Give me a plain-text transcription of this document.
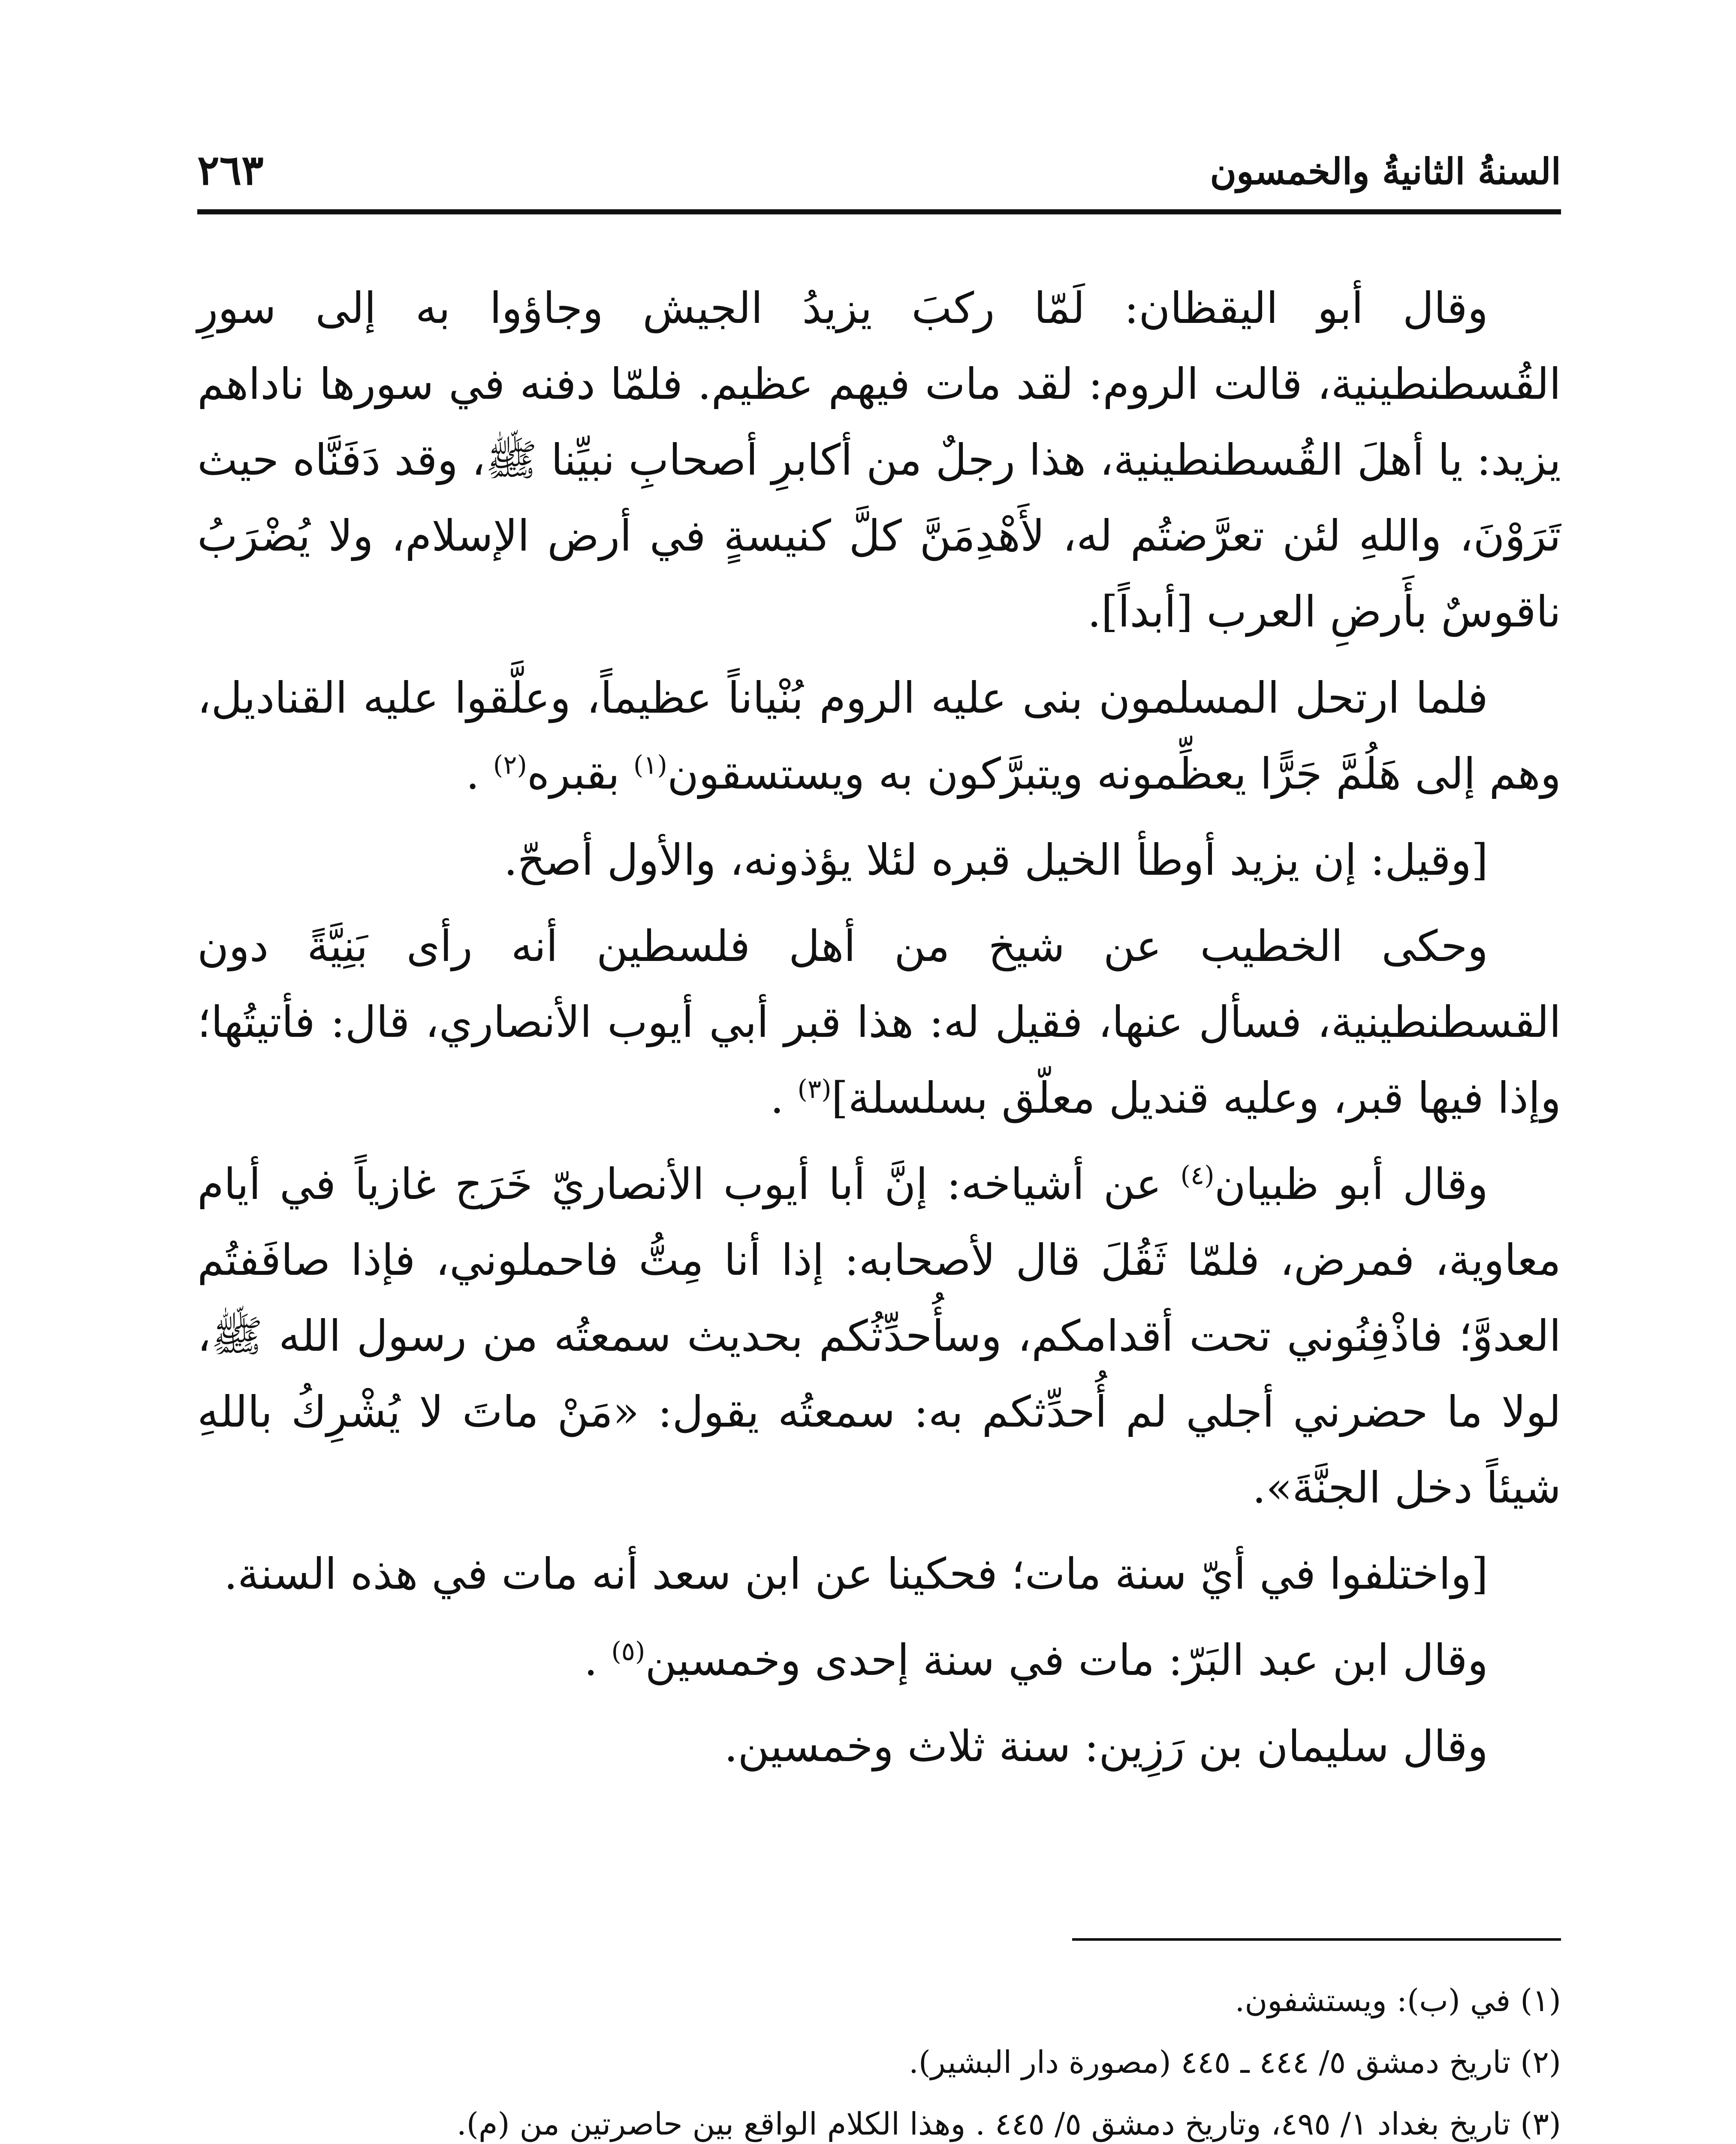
السنةُ الثانيةُ والخمسون
٢٦٣

وقال أبو اليقظان: لَمّا ركبَ يزيدُ الجيش وجاؤوا به إلى سورِ القُسطنطينية، قالت الروم: لقد مات فيهم عظيم. فلمّا دفنه في سورها ناداهم يزيد: يا أهلَ القُسطنطينية، هذا رجلٌ من أكابرِ أصحابِ نبيِّنا ﷺ، وقد دَفَنَّاه حيث تَرَوْنَ، واللهِ لئن تعرَّضتُم له، لأَهْدِمَنَّ كلَّ كنيسةٍ في أرض الإسلام، ولا يُضْرَبُ ناقوسٌ بأَرضِ العرب [أبداً].

فلما ارتحل المسلمون بنى عليه الروم بُنْياناً عظيماً، وعلَّقوا عليه القناديل، وهم إلى هَلُمَّ جَرًّا يعظِّمونه ويتبرَّكون به ويستسقون$^{(١)}$ بقبره$^{(٢)}$ .

[وقيل: إن يزيد أوطأ الخيل قبره لئلا يؤذونه، والأول أصحّ.

وحكى الخطيب عن شيخ من أهل فلسطين أنه رأى بَنِيَّةً دون القسطنطينية، فسأل عنها، فقيل له: هذا قبر أبي أيوب الأنصاري، قال: فأتيتُها؛ وإذا فيها قبر، وعليه قنديل معلّق بسلسلة]$^{(٣)}$ .

وقال أبو ظبيان$^{(٤)}$ عن أشياخه: إنَّ أبا أيوب الأنصاريّ خَرَج غازياً في أيام معاوية، فمرض، فلمّا ثَقُلَ قال لأصحابه: إذا أنا مِتُّ فاحملوني، فإذا صافَفتُم العدوَّ؛ فاذْفِنُوني تحت أقدامكم، وسأُحدِّثُكم بحديث سمعتُه من رسول الله ﷺ، لولا ما حضرني أجلي لم أُحدِّثكم به: سمعتُه يقول: «مَنْ ماتَ لا يُشْرِكُ باللهِ شيئاً دخل الجنَّةَ».

[واختلفوا في أيّ سنة مات؛ فحكينا عن ابن سعد أنه مات في هذه السنة.

وقال ابن عبد البَرّ: مات في سنة إحدى وخمسين$^{(٥)}$ .

وقال سليمان بن رَزِين: سنة ثلاث وخمسين.

(١) في (ب): ويستشفون.
(٢) تاريخ دمشق ٥/ ٤٤٤ ـ ٤٤٥ (مصورة دار البشير).
(٣) تاريخ بغداد ١/ ٤٩٥، وتاريخ دمشق ٥/ ٤٤٥ . وهذا الكلام الواقع بين حاصرتين من (م).
